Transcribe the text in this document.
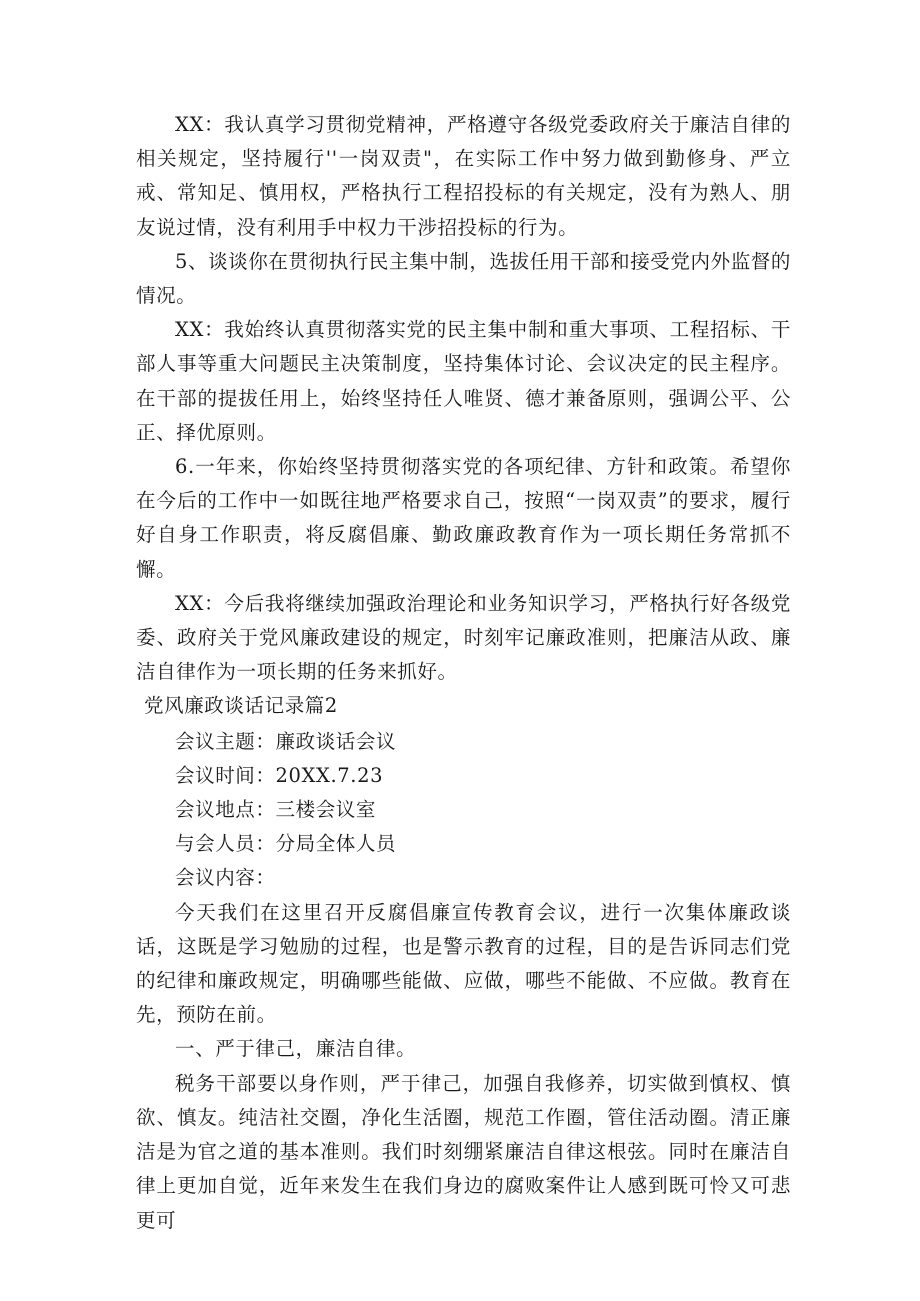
XX：我认真学习贯彻党精神，严格遵守各级党委政府关于廉洁自律的相关规定，坚持履行''一岗双责"，在实际工作中努力做到勤修身、严立戒、常知足、慎用权，严格执行工程招投标的有关规定，没有为熟人、朋友说过情，没有利用手中权力干涉招投标的行为。

5、谈谈你在贯彻执行民主集中制，选拔任用干部和接受党内外监督的情况。

XX：我始终认真贯彻落实党的民主集中制和重大事项、工程招标、干部人事等重大问题民主决策制度，坚持集体讨论、会议决定的民主程序。在干部的提拔任用上，始终坚持任人唯贤、德才兼备原则，强调公平、公正、择优原则。

6.一年来，你始终坚持贯彻落实党的各项纪律、方针和政策。希望你在今后的工作中一如既往地严格要求自己，按照“一岗双责”的要求，履行好自身工作职责，将反腐倡廉、勤政廉政教育作为一项长期任务常抓不懈。

XX：今后我将继续加强政治理论和业务知识学习，严格执行好各级党委、政府关于党风廉政建设的规定，时刻牢记廉政准则，把廉洁从政、廉洁自律作为一项长期的任务来抓好。

党风廉政谈话记录篇2

会议主题：廉政谈话会议

会议时间：20XX.7.23

会议地点：三楼会议室

与会人员：分局全体人员

会议内容：

今天我们在这里召开反腐倡廉宣传教育会议，进行一次集体廉政谈话，这既是学习勉励的过程，也是警示教育的过程，目的是告诉同志们党的纪律和廉政规定，明确哪些能做、应做，哪些不能做、不应做。教育在先，预防在前。

一、严于律己，廉洁自律。

税务干部要以身作则，严于律己，加强自我修养，切实做到慎权、慎欲、慎友。纯洁社交圈，净化生活圈，规范工作圈，管住活动圈。清正廉洁是为官之道的基本准则。我们时刻绷紧廉洁自律这根弦。同时在廉洁自律上更加自觉，近年来发生在我们身边的腐败案件让人感到既可怜又可悲更可
